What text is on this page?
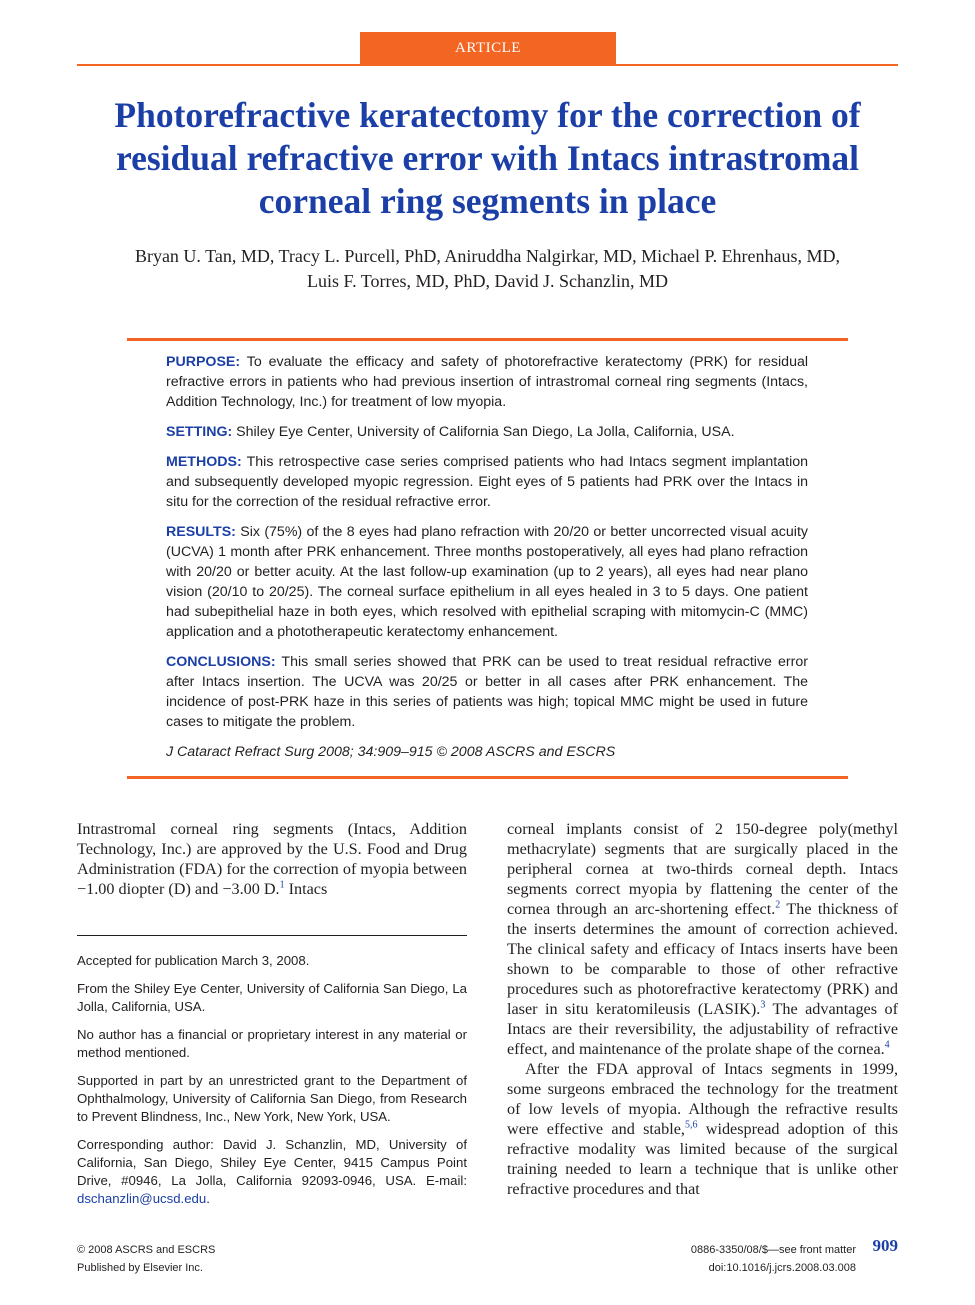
ARTICLE
Photorefractive keratectomy for the correction of residual refractive error with Intacs intrastromal corneal ring segments in place
Bryan U. Tan, MD, Tracy L. Purcell, PhD, Aniruddha Nalgirkar, MD, Michael P. Ehrenhaus, MD,
Luis F. Torres, MD, PhD, David J. Schanzlin, MD

PURPOSE: To evaluate the efficacy and safety of photorefractive keratectomy (PRK) for residual refractive errors in patients who had previous insertion of intrastromal corneal ring segments (Intacs, Addition Technology, Inc.) for treatment of low myopia.

SETTING: Shiley Eye Center, University of California San Diego, La Jolla, California, USA.

METHODS: This retrospective case series comprised patients who had Intacs segment implantation and subsequently developed myopic regression. Eight eyes of 5 patients had PRK over the Intacs in situ for the correction of the residual refractive error.

RESULTS: Six (75%) of the 8 eyes had plano refraction with 20/20 or better uncorrected visual acuity (UCVA) 1 month after PRK enhancement. Three months postoperatively, all eyes had plano refraction with 20/20 or better acuity. At the last follow-up examination (up to 2 years), all eyes had near plano vision (20/10 to 20/25). The corneal surface epithelium in all eyes healed in 3 to 5 days. One patient had subepithelial haze in both eyes, which resolved with epithelial scraping with mitomycin-C (MMC) application and a phototherapeutic keratectomy enhancement.

CONCLUSIONS: This small series showed that PRK can be used to treat residual refractive error after Intacs insertion. The UCVA was 20/25 or better in all cases after PRK enhancement. The incidence of post-PRK haze in this series of patients was high; topical MMC might be used in future cases to mitigate the problem.

J Cataract Refract Surg 2008; 34:909–915 © 2008 ASCRS and ESCRS

Intrastromal corneal ring segments (Intacs, Addition Technology, Inc.) are approved by the U.S. Food and Drug Administration (FDA) for the correction of myopia between −1.00 diopter (D) and −3.00 D.$^1$ Intacs

Accepted for publication March 3, 2008.

From the Shiley Eye Center, University of California San Diego, La Jolla, California, USA.

No author has a financial or proprietary interest in any material or method mentioned.

Supported in part by an unrestricted grant to the Department of Ophthalmology, University of California San Diego, from Research to Prevent Blindness, Inc., New York, New York, USA.

Corresponding author: David J. Schanzlin, MD, University of California, San Diego, Shiley Eye Center, 9415 Campus Point Drive, #0946, La Jolla, California 92093-0946, USA. E-mail: dschanzlin@ucsd.edu.

corneal implants consist of 2 150-degree poly(methyl methacrylate) segments that are surgically placed in the peripheral cornea at two-thirds corneal depth. Intacs segments correct myopia by flattening the center of the cornea through an arc-shortening effect.$^2$ The thickness of the inserts determines the amount of correction achieved. The clinical safety and efficacy of Intacs inserts have been shown to be comparable to those of other refractive procedures such as photorefractive keratectomy (PRK) and laser in situ keratomileusis (LASIK).$^3$ The advantages of Intacs are their reversibility, the adjustability of refractive effect, and maintenance of the prolate shape of the cornea.$^4$

After the FDA approval of Intacs segments in 1999, some surgeons embraced the technology for the treatment of low levels of myopia. Although the refractive results were effective and stable,$^{5,6}$ widespread adoption of this refractive modality was limited because of the surgical training needed to learn a technique that is unlike other refractive procedures and that

© 2008 ASCRS and ESCRS
Published by Elsevier Inc.
0886-3350/08/$—see front matter
doi:10.1016/j.jcrs.2008.03.008
909
